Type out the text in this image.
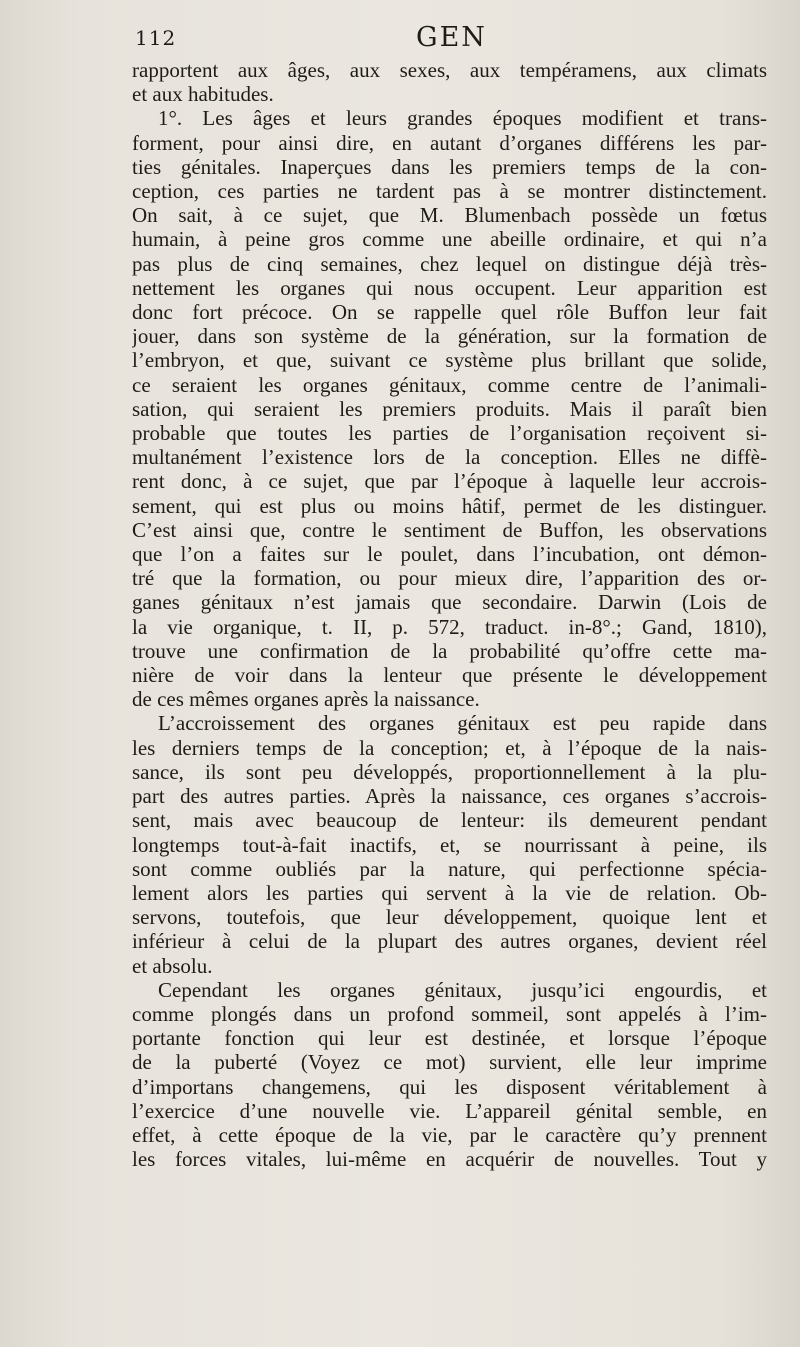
112	GEN
rapportent aux âges, aux sexes, aux tempéramens, aux climats
et aux habitudes.
1°. Les âges et leurs grandes époques modifient et trans-
forment, pour ainsi dire, en autant d’organes différens les par-
ties génitales. Inaperçues dans les premiers temps de la con-
ception, ces parties ne tardent pas à se montrer distinctement.
On sait, à ce sujet, que M. Blumenbach possède un fœtus
humain, à peine gros comme une abeille ordinaire, et qui n’a
pas plus de cinq semaines, chez lequel on distingue déjà très-
nettement les organes qui nous occupent. Leur apparition est
donc fort précoce. On se rappelle quel rôle Buffon leur fait
jouer, dans son système de la génération, sur la formation de
l’embryon, et que, suivant ce système plus brillant que solide,
ce seraient les organes génitaux, comme centre de l’animali-
sation, qui seraient les premiers produits. Mais il paraît bien
probable que toutes les parties de l’organisation reçoivent si-
multanément l’existence lors de la conception. Elles ne diffè-
rent donc, à ce sujet, que par l’époque à laquelle leur accrois-
sement, qui est plus ou moins hâtif, permet de les distinguer.
C’est ainsi que, contre le sentiment de Buffon, les observations
que l’on a faites sur le poulet, dans l’incubation, ont démon-
tré que la formation, ou pour mieux dire, l’apparition des or-
ganes génitaux n’est jamais que secondaire. Darwin (Lois de
la vie organique, t. II, p. 572, traduct. in-8°.; Gand, 1810),
trouve une confirmation de la probabilité qu’offre cette ma-
nière de voir dans la lenteur que présente le développement
de ces mêmes organes après la naissance.
L’accroissement des organes génitaux est peu rapide dans
les derniers temps de la conception; et, à l’époque de la nais-
sance, ils sont peu développés, proportionnellement à la plu-
part des autres parties. Après la naissance, ces organes s’accrois-
sent, mais avec beaucoup de lenteur: ils demeurent pendant
longtemps tout-à-fait inactifs, et, se nourrissant à peine, ils
sont comme oubliés par la nature, qui perfectionne spécia-
lement alors les parties qui servent à la vie de relation. Ob-
servons, toutefois, que leur développement, quoique lent et
inférieur à celui de la plupart des autres organes, devient réel
et absolu.
Cependant les organes génitaux, jusqu’ici engourdis, et
comme plongés dans un profond sommeil, sont appelés à l’im-
portante fonction qui leur est destinée, et lorsque l’époque
de la puberté (Voyez ce mot) survient, elle leur imprime
d’importans changemens, qui les disposent véritablement à
l’exercice d’une nouvelle vie. L’appareil génital semble, en
effet, à cette époque de la vie, par le caractère qu’y prennent
les forces vitales, lui-même en acquérir de nouvelles. Tout y
